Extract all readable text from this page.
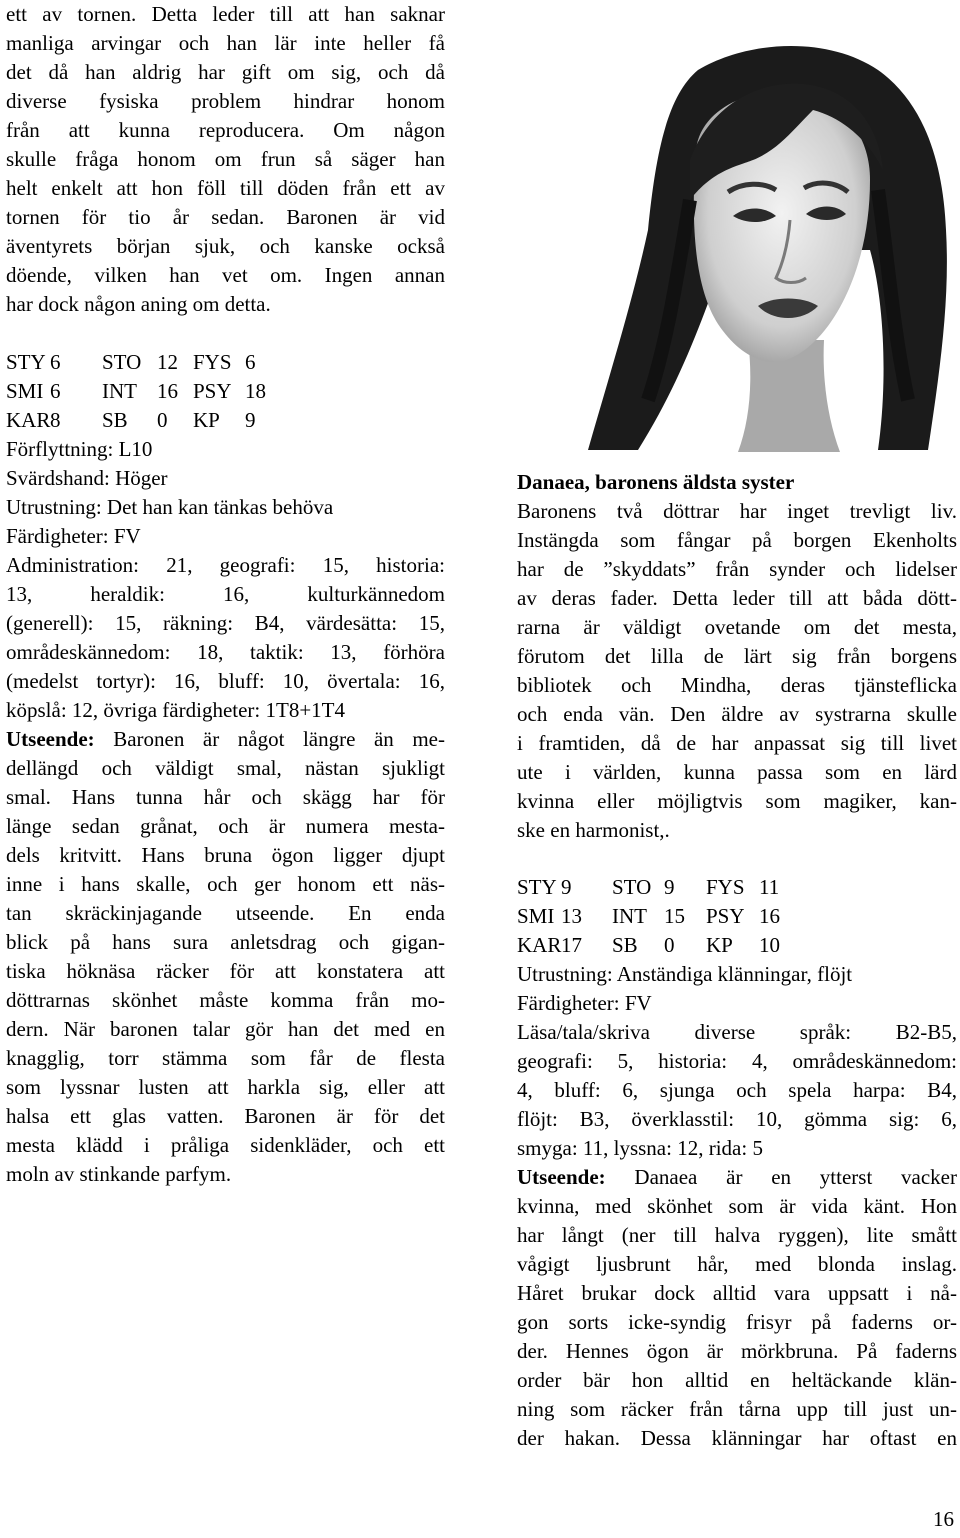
ett av tornen. Detta leder till att han saknar
manliga arvingar och han lär inte heller få
det då han aldrig har gift om sig, och då
diverse fysiska problem hindrar honom
från att kunna reproducera. Om någon
skulle fråga honom om frun så säger han
helt enkelt att hon föll till döden från ett av
tornen för tio år sedan. Baronen är vid
äventyrets början sjuk, och kanske också
döende, vilken han vet om. Ingen annan
har dock någon aning om detta.
STY 6 STO 12 FYS 6
SMI 6 INT 16 PSY 18
KAR8 SB 0 KP 9
Förflyttning: L10
Svärdshand: Höger
Utrustning: Det han kan tänkas behöva
Färdigheter: FV
Administration: 21, geografi: 15, historia:
13, heraldik: 16, kulturkännedom
(generell): 15, räkning: B4, värdesätta: 15,
områdeskännedom: 18, taktik: 13, förhöra
(medelst tortyr): 16, bluff: 10, övertala: 16,
köpslå: 12, övriga färdigheter: 1T8+1T4
Utseende: Baronen är något längre än me-
dellängd och väldigt smal, nästan sjukligt
smal. Hans tunna hår och skägg har för
länge sedan grånat, och är numera mesta-
dels kritvitt. Hans bruna ögon ligger djupt
inne i hans skalle, och ger honom ett näs-
tan skräckinjagande utseende. En enda
blick på hans sura anletsdrag och gigan-
tiska höknäsa räcker för att konstatera att
döttrarnas skönhet måste komma från mo-
dern. När baronen talar gör han det med en
knagglig, torr stämma som får de flesta
som lyssnar lusten att harkla sig, eller att
halsa ett glas vatten. Baronen är för det
mesta klädd i pråliga sidenkläder, och ett
moln av stinkande parfym.
Danaea, baronens äldsta syster
Baronens två döttrar har inget trevligt liv.
Instängda som fångar på borgen Ekenholts
har de ”skyddats” från synder och lidelser
av deras fader. Detta leder till att båda dött-
rarna är väldigt ovetande om det mesta,
förutom det lilla de lärt sig från borgens
bibliotek och Mindha, deras tjänsteflicka
och enda vän. Den äldre av systrarna skulle
i framtiden, då de har anpassat sig till livet
ute i världen, kunna passa som en lärd
kvinna eller möjligtvis som magiker, kan-
ske en harmonist,.
STY 9 STO 9 FYS 11
SMI 13 INT 15 PSY 16
KAR17 SB 0 KP 10
Utrustning: Anständiga klänningar, flöjt
Färdigheter: FV
Läsa/tala/skriva diverse språk: B2-B5,
geografi: 5, historia: 4, områdeskännedom:
4, bluff: 6, sjunga och spela harpa: B4,
flöjt: B3, överklasstil: 10, gömma sig: 6,
smyga: 11, lyssna: 12, rida: 5
Utseende: Danaea är en ytterst vacker
kvinna, med skönhet som är vida känt. Hon
har långt (ner till halva ryggen), lite smått
vågigt ljusbrunt hår, med blonda inslag.
Håret brukar dock alltid vara uppsatt i nå-
gon sorts icke-syndig frisyr på faderns or-
der. Hennes ögon är mörkbruna. På faderns
order bär hon alltid en heltäckande klän-
ning som räcker från tårna upp till just un-
der hakan. Dessa klänningar har oftast en
16
